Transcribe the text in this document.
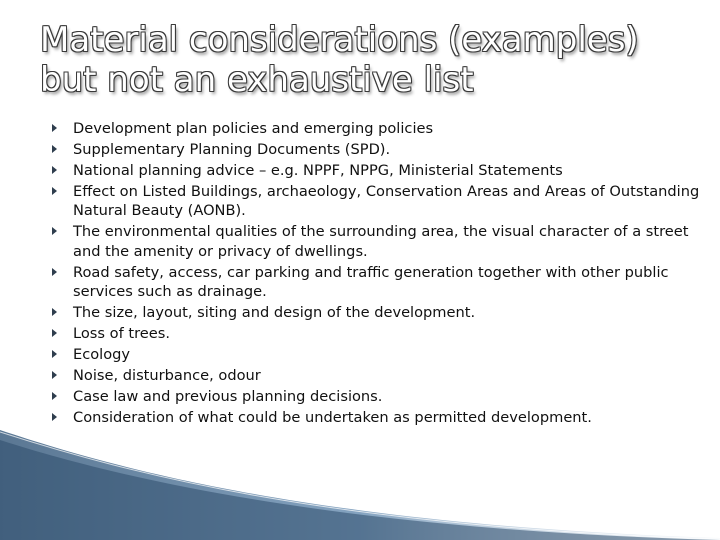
Material considerations (examples)
but not an exhaustive list
Development plan policies and emerging policies
Supplementary Planning Documents (SPD).
National planning advice – e.g. NPPF, NPPG, Ministerial Statements
Effect on Listed Buildings, archaeology, Conservation Areas and Areas of Outstanding Natural Beauty (AONB).
The environmental qualities of the surrounding area, the visual character of a street and the amenity or privacy of dwellings.
Road safety, access, car parking and traffic generation together with other public services such as drainage.
The size, layout, siting and design of the development.
Loss of trees.
Ecology
Noise, disturbance, odour
Case law and previous planning decisions.
Consideration of what could be undertaken as permitted development.
